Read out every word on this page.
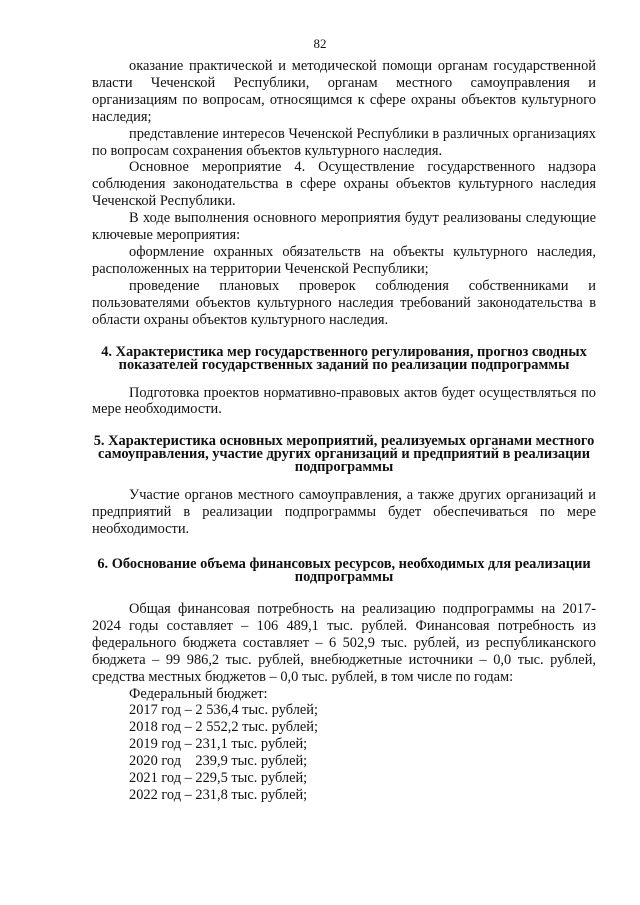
82

оказание практической и методической помощи органам государственной власти Чеченской Республики, органам местного самоуправления и организациям по вопросам, относящимся к сфере охраны объектов культурного наследия;

представление интересов Чеченской Республики в различных организациях по вопросам сохранения объектов культурного наследия.

Основное мероприятие 4. Осуществление государственного надзора соблюдения законодательства в сфере охраны объектов культурного наследия Чеченской Республики.

В ходе выполнения основного мероприятия будут реализованы следующие ключевые мероприятия:

оформление охранных обязательств на объекты культурного наследия, расположенных на территории Чеченской Республики;

проведение плановых проверок соблюдения собственниками и пользователями объектов культурного наследия требований законодательства в области охраны объектов культурного наследия.

4. Характеристика мер государственного регулирования, прогноз сводных показателей государственных заданий по реализации подпрограммы

Подготовка проектов нормативно-правовых актов будет осуществляться по мере необходимости.

5. Характеристика основных мероприятий, реализуемых органами местного самоуправления, участие других организаций и предприятий в реализации подпрограммы

Участие органов местного самоуправления, а также других организаций и предприятий в реализации подпрограммы будет обеспечиваться по мере необходимости.

6. Обоснование объема финансовых ресурсов, необходимых для реализации подпрограммы

Общая финансовая потребность на реализацию подпрограммы на 2017-2024 годы составляет – 106 489,1 тыс. рублей. Финансовая потребность из федерального бюджета составляет – 6 502,9 тыс. рублей, из республиканского бюджета – 99 986,2 тыс. рублей, внебюджетные источники – 0,0 тыс. рублей, средства местных бюджетов – 0,0 тыс. рублей, в том числе по годам:

Федеральный бюджет:

2017 год – 2 536,4 тыс. рублей;

2018 год – 2 552,2 тыс. рублей;

2019 год – 231,1 тыс. рублей;

2020 год    239,9 тыс. рублей;

2021 год – 229,5 тыс. рублей;

2022 год – 231,8 тыс. рублей;
